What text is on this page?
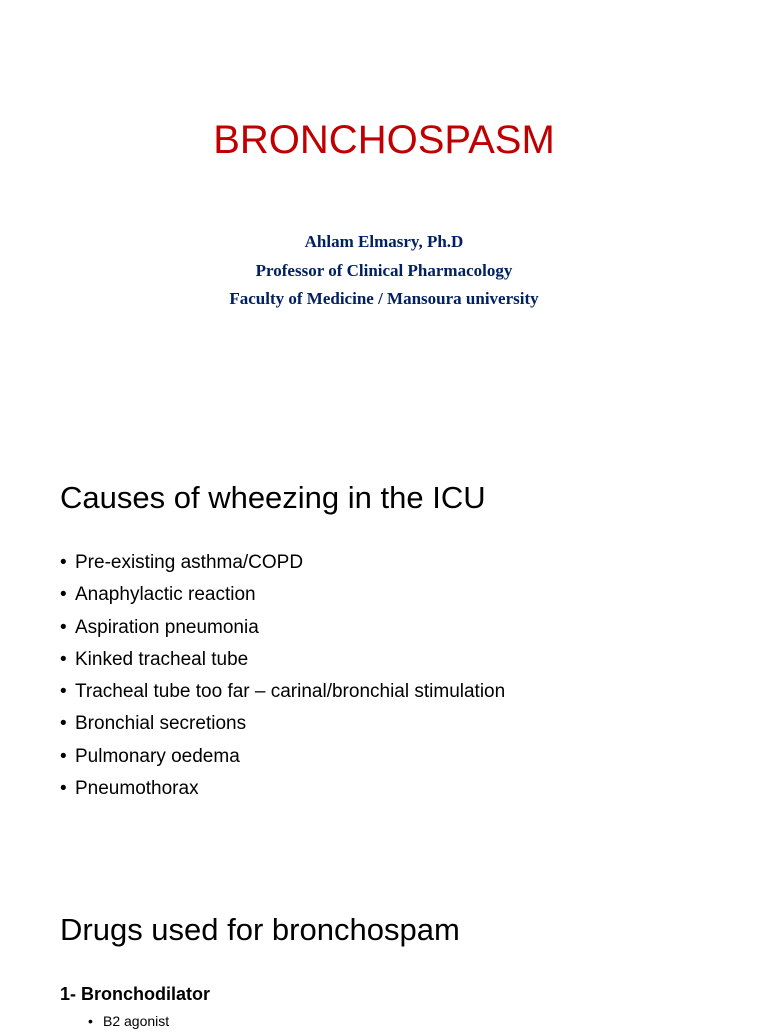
BRONCHOSPASM
Ahlam Elmasry, Ph.D
Professor of Clinical Pharmacology
Faculty of Medicine / Mansoura university
Causes of wheezing in the ICU
• Pre-existing asthma/COPD
• Anaphylactic reaction
• Aspiration pneumonia
• Kinked tracheal tube
• Tracheal tube too far – carinal/bronchial stimulation
• Bronchial secretions
• Pulmonary oedema
• Pneumothorax
Drugs used for bronchospam
1- Bronchodilator
• B2 agonist
